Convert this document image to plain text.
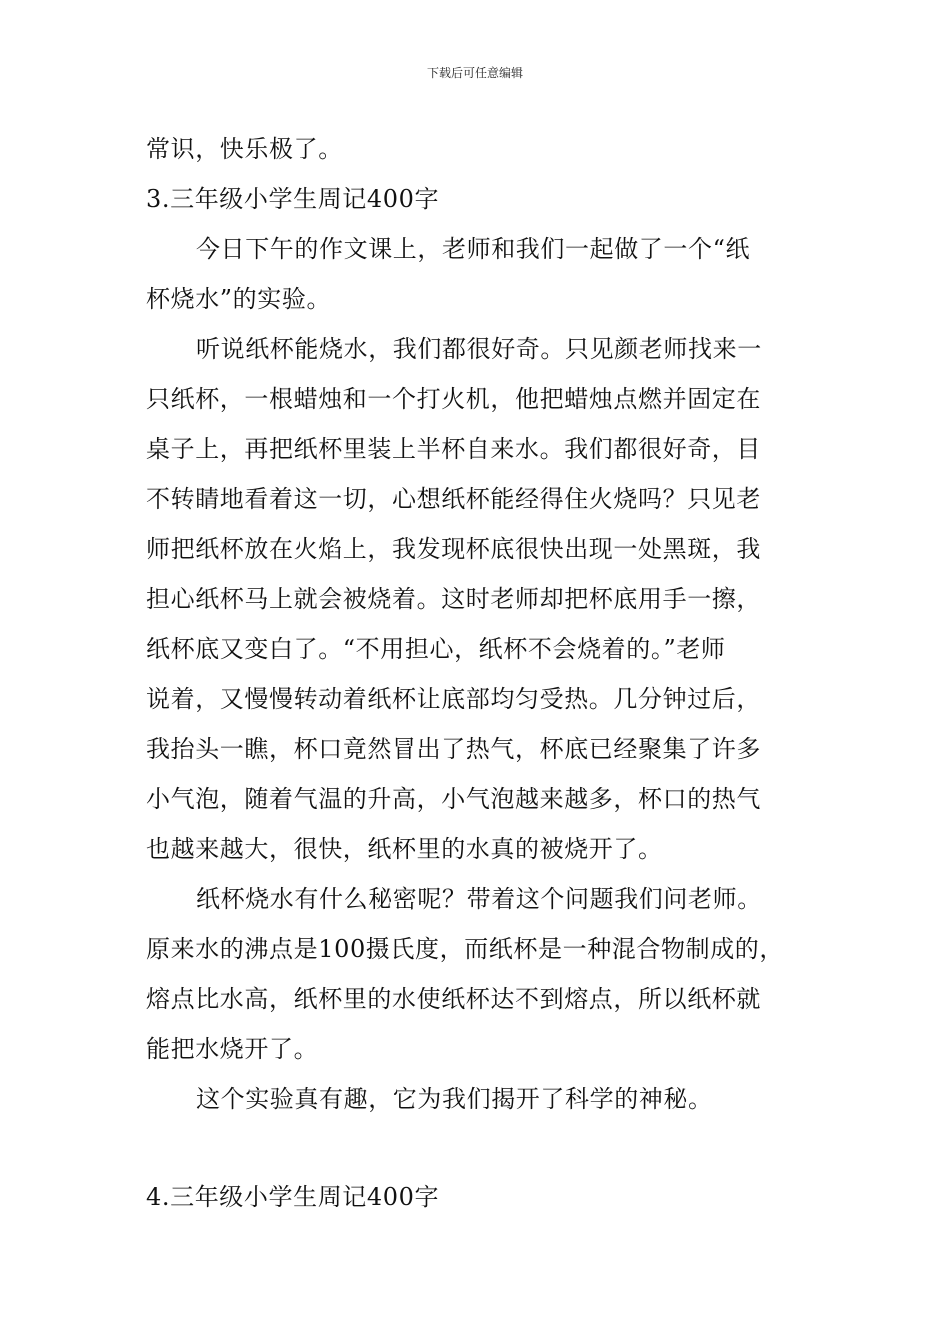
下载后可任意编辑
常识，快乐极了。
3.三年级小学生周记400字
今日下午的作文课上，老师和我们一起做了一个“纸
杯烧水”的实验。
听说纸杯能烧水，我们都很好奇。只见颜老师找来一
只纸杯，一根蜡烛和一个打火机，他把蜡烛点燃并固定在
桌子上，再把纸杯里装上半杯自来水。我们都很好奇，目
不转睛地看着这一切，心想纸杯能经得住火烧吗？只见老
师把纸杯放在火焰上，我发现杯底很快出现一处黑斑，我
担心纸杯马上就会被烧着。这时老师却把杯底用手一擦，
纸杯底又变白了。“不用担心，纸杯不会烧着的。”老师
说着，又慢慢转动着纸杯让底部均匀受热。几分钟过后，
我抬头一瞧，杯口竟然冒出了热气，杯底已经聚集了许多
小气泡，随着气温的升高，小气泡越来越多，杯口的热气
也越来越大，很快，纸杯里的水真的被烧开了。
纸杯烧水有什么秘密呢？带着这个问题我们问老师。
原来水的沸点是100摄氏度，而纸杯是一种混合物制成的，
熔点比水高，纸杯里的水使纸杯达不到熔点，所以纸杯就
能把水烧开了。
这个实验真有趣，它为我们揭开了科学的神秘。
4.三年级小学生周记400字
